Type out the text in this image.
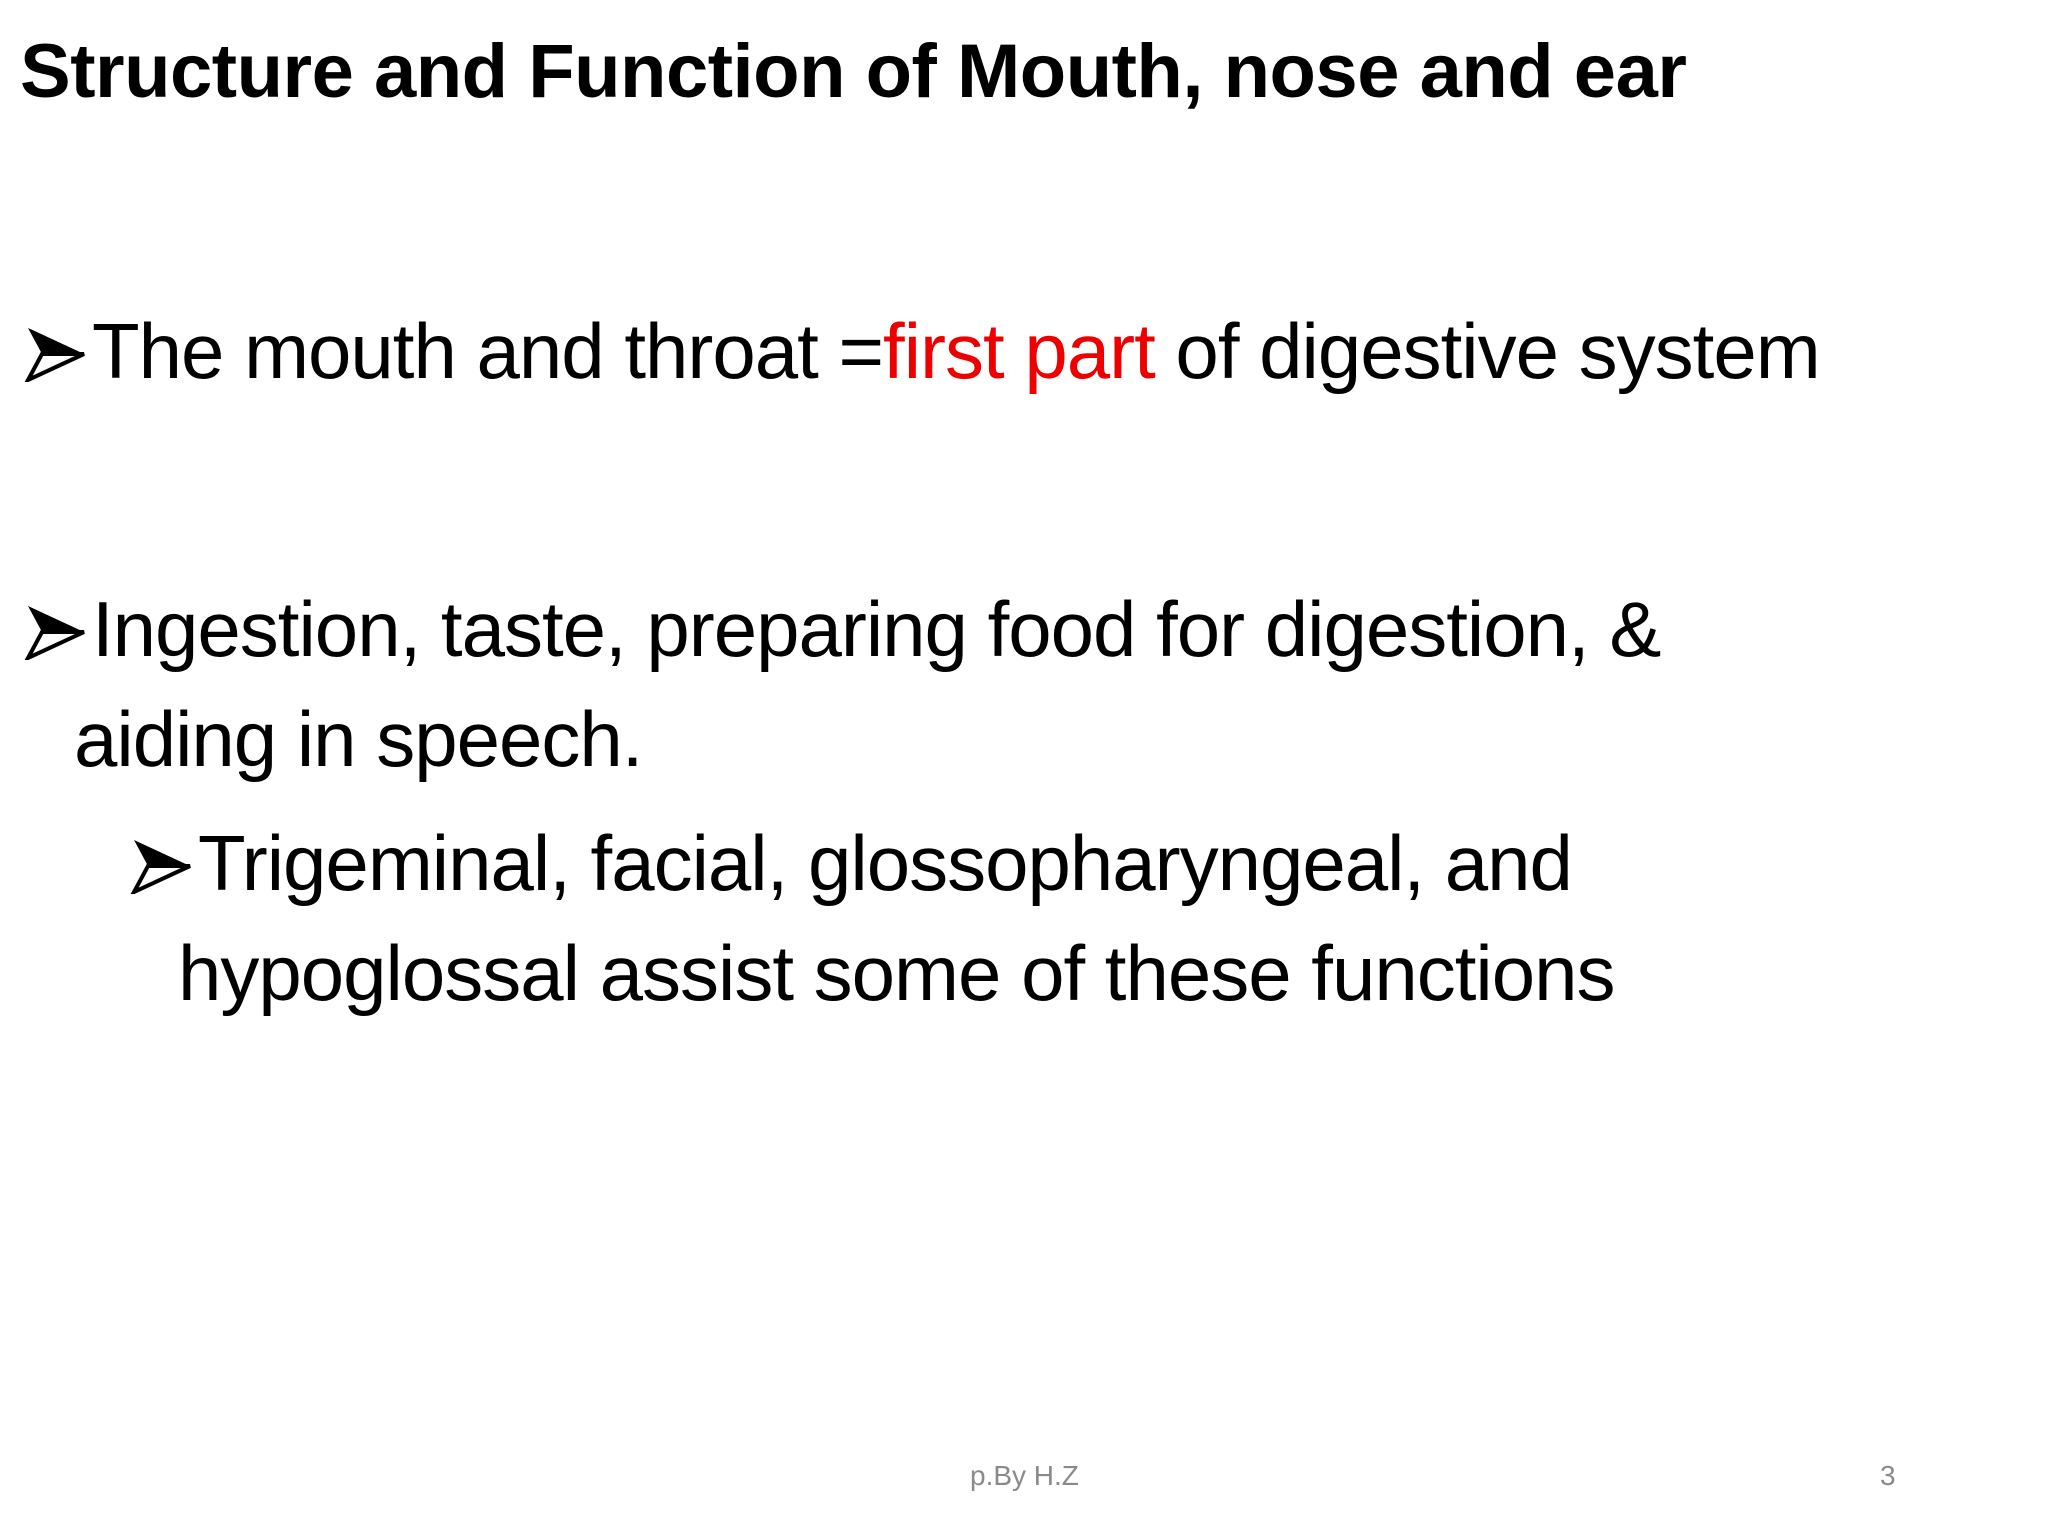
Structure and Function of Mouth, nose and ear
The mouth and throat =first part of digestive system
Ingestion, taste, preparing food for digestion, &
aiding in speech.
Trigeminal, facial, glossopharyngeal, and
hypoglossal assist some of these functions
p.By H.Z	3
